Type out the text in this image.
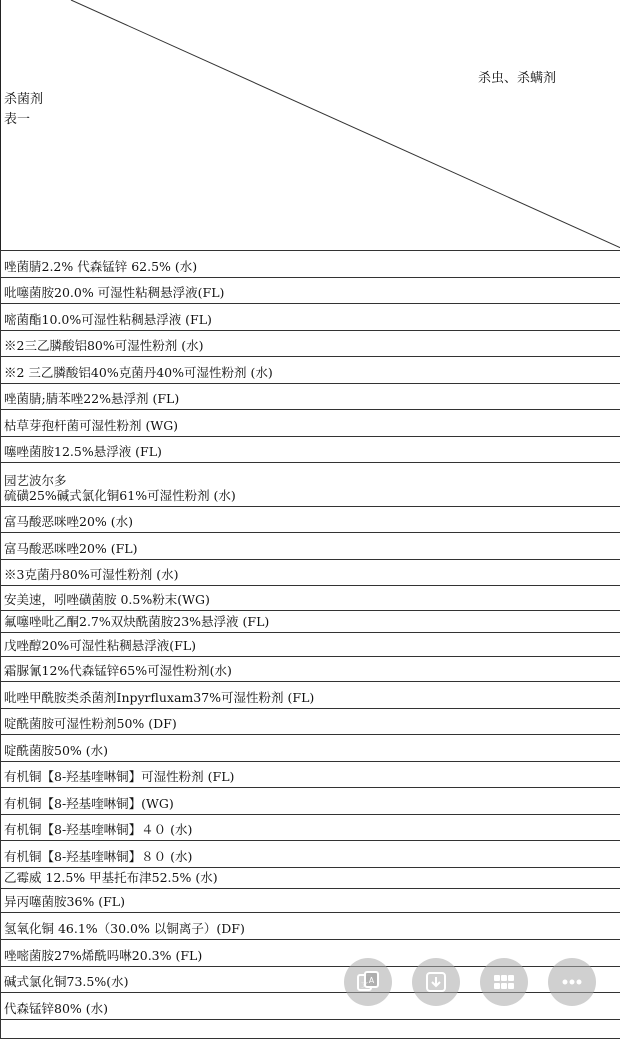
杀虫、杀螨剂
杀菌剂
表一
唑菌腈2.2% 代森锰锌 62.5% (水)
吡噻菌胺20.0% 可湿性粘稠悬浮液(FL)
嘧菌酯10.0%可湿性粘稠悬浮液 (FL)
※2三乙膦酸铝80%可湿性粉剂 (水)
※2 三乙膦酸铝40%克菌丹40%可湿性粉剂 (水)
唑菌腈;腈苯唑22%悬浮剂 (FL)
枯草芽孢杆菌可湿性粉剂 (WG)
噻唑菌胺12.5%悬浮液 (FL)
园艺波尔多
硫磺25%碱式氯化铜61%可湿性粉剂 (水)
富马酸恶咪唑20% (水)
富马酸恶咪唑20% (FL)
※3克菌丹80%可湿性粉剂 (水)
安美速，吲唑磺菌胺 0.5%粉末(WG)
氟噻唑吡乙酮2.7%双炔酰菌胺23%悬浮液 (FL)
戊唑醇20%可湿性粘稠悬浮液(FL)
霜脲氰12%代森锰锌65%可湿性粉剂(水)
吡唑甲酰胺类杀菌剂Inpyrfluxam37%可湿性粉剂 (FL)
啶酰菌胺可湿性粉剂50% (DF)
啶酰菌胺50% (水)
有机铜【8-羟基喹啉铜】可湿性粉剂 (FL)
有机铜【8-羟基喹啉铜】(WG)
有机铜【8-羟基喹啉铜】４０ (水)
有机铜【8-羟基喹啉铜】８０ (水)
乙霉威 12.5% 甲基托布津52.5% (水)
异丙噻菌胺36% (FL)
氢氧化铜 46.1%（30.0% 以铜离子）(DF)
唑嘧菌胺27%烯酰吗啉20.3% (FL)
碱式氯化铜73.5%(水)
代森锰锌80% (水)
A
文
